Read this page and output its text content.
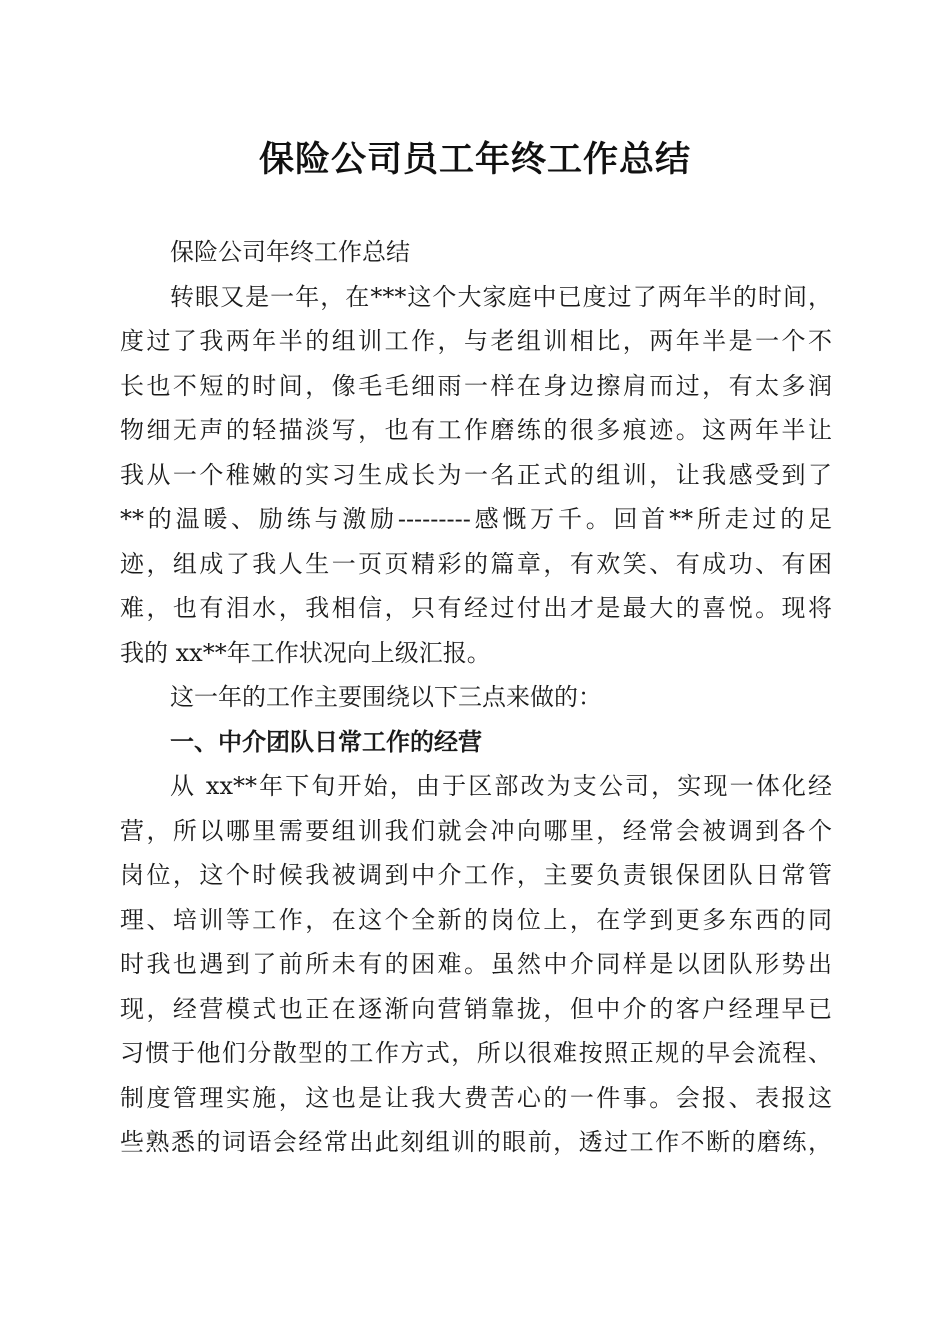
保险公司员工年终工作总结
保险公司年终工作总结
转眼又是一年，在***这个大家庭中已度过了两年半的时间，
度过了我两年半的组训工作，与老组训相比，两年半是一个不
长也不短的时间，像毛毛细雨一样在身边擦肩而过，有太多润
物细无声的轻描淡写，也有工作磨练的很多痕迹。这两年半让
我从一个稚嫩的实习生成长为一名正式的组训，让我感受到了
**的温暖、励练与激励---------感慨万千。回首**所走过的足
迹，组成了我人生一页页精彩的篇章，有欢笑、有成功、有困
难，也有泪水，我相信，只有经过付出才是最大的喜悦。现将
我的 xx**年工作状况向上级汇报。
这一年的工作主要围绕以下三点来做的：
一、中介团队日常工作的经营
从 xx**年下旬开始，由于区部改为支公司，实现一体化经
营，所以哪里需要组训我们就会冲向哪里，经常会被调到各个
岗位，这个时候我被调到中介工作，主要负责银保团队日常管
理、培训等工作，在这个全新的岗位上，在学到更多东西的同
时我也遇到了前所未有的困难。虽然中介同样是以团队形势出
现，经营模式也正在逐渐向营销靠拢，但中介的客户经理早已
习惯于他们分散型的工作方式，所以很难按照正规的早会流程、
制度管理实施，这也是让我大费苦心的一件事。会报、表报这
些熟悉的词语会经常出此刻组训的眼前，透过工作不断的磨练，
